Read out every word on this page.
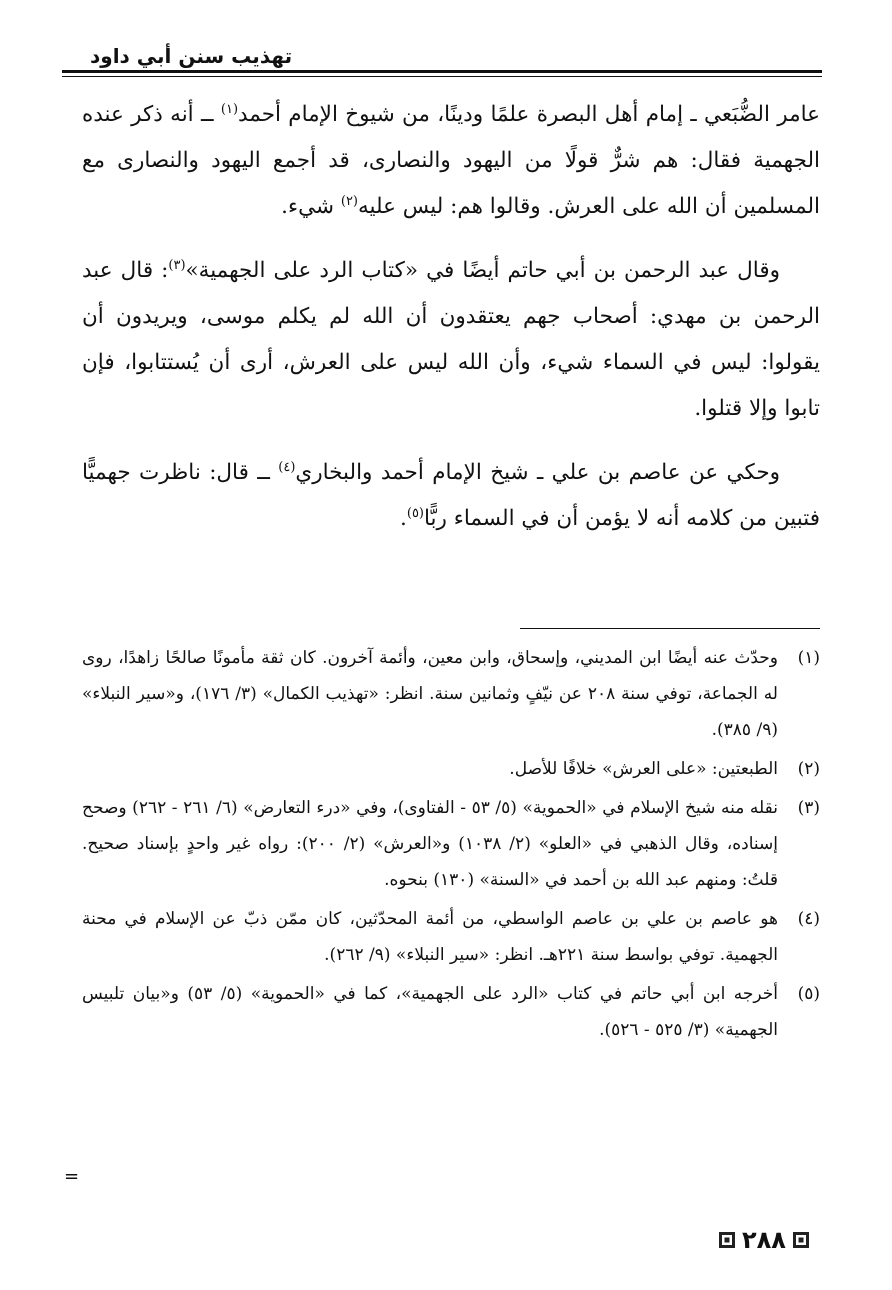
تهذيب سنن أبي داود

عامر الضُّبَعي ـ إمام أهل البصرة علمًا ودينًا، من شيوخ الإمام أحمد$^{(١)}$ ــ أنه ذكر عنده الجهمية فقال: هم شرٌّ قولًا من اليهود والنصارى، قد أجمع اليهود والنصارى مع المسلمين أن الله على العرش. وقالوا هم: ليس عليه$^{(٢)}$ شيء.

وقال عبد الرحمن بن أبي حاتم أيضًا في «كتاب الرد على الجهمية»$^{(٣)}$: قال عبد الرحمن بن مهدي: أصحاب جهم يعتقدون أن الله لم يكلم موسى، ويريدون أن يقولوا: ليس في السماء شيء، وأن الله ليس على العرش، أرى أن يُستتابوا، فإن تابوا وإلا قتلوا.

وحكي عن عاصم بن علي ـ شيخ الإمام أحمد والبخاري$^{(٤)}$ ــ قال: ناظرت جهميًّا فتبين من كلامه أنه لا يؤمن أن في السماء ربًّا$^{(٥)}$.

(١)
وحدّث عنه أيضًا ابن المديني، وإسحاق، وابن معين، وأئمة آخرون. كان ثقة مأمونًا صالحًا زاهدًا، روى له الجماعة، توفي سنة ٢٠٨ عن نيّفٍ وثمانين سنة. انظر: «تهذيب الكمال» (٣/ ١٧٦)، و«سير النبلاء» (٩/ ٣٨٥).
(٢)
الطبعتين: «على العرش» خلافًا للأصل.
(٣)
نقله منه شيخ الإسلام في «الحموية» (٥/ ٥٣ - الفتاوى)، وفي «درء التعارض» (٦/ ٢٦١ - ٢٦٢) وصحح إسناده، وقال الذهبي في «العلو» (٢/ ١٠٣٨) و«العرش» (٢/ ٢٠٠): رواه غير واحدٍ بإسناد صحيح. قلتُ: ومنهم عبد الله بن أحمد في «السنة» (١٣٠) بنحوه.
(٤)
هو عاصم بن علي بن عاصم الواسطي، من أئمة المحدّثين، كان ممّن ذبّ عن الإسلام في محنة الجهمية. توفي بواسط سنة ٢٢١هـ. انظر: «سير النبلاء» (٩/ ٢٦٢).
(٥)
أخرجه ابن أبي حاتم في كتاب «الرد على الجهمية»، كما في «الحموية» (٥/ ٥٣) و«بيان تلبيس الجهمية» (٣/ ٥٢٥ - ٥٢٦).
=
٢٨٨
